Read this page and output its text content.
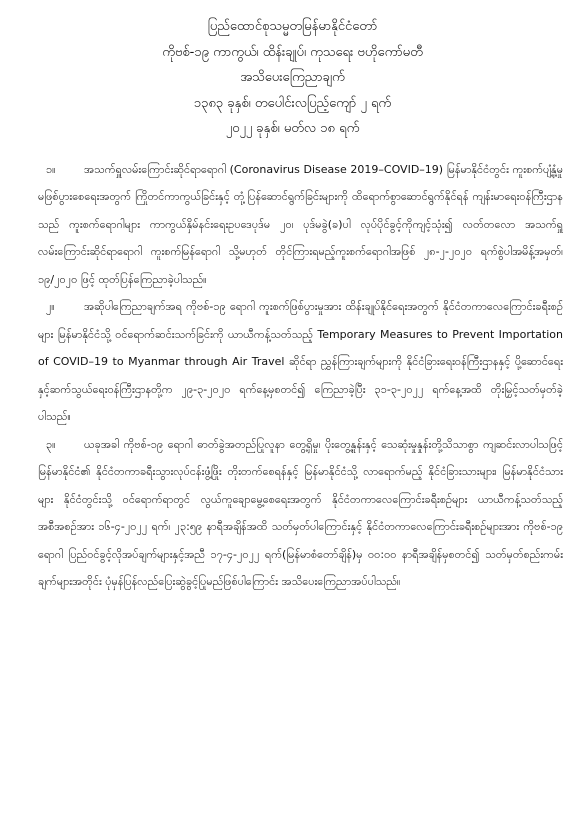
ပြည်ထောင်စုသမ္မတမြန်မာနိုင်ငံတော်
ကိုဗစ်-၁၉ ကာကွယ်၊ ထိန်းချုပ်၊ ကုသရေး ဗဟိုကော်မတီ
အသိပေးကြေညာချက်
၁၃၈၃ ခုနှစ်၊ တပေါင်းလပြည့်ကျော် ၂ ရက်
၂၀၂၂ ခုနှစ်၊ မတ်လ ၁၈ ရက်

၁။	အသက်ရှူလမ်းကြောင်းဆိုင်ရာရောဂါ (Coronavirus Disease 2019–COVID–19) မြန်မာနိုင်ငံတွင်း ကူးစက်ပျံ့နှံ့မှု မဖြစ်ပွားစေရေးအတွက် ကြိုတင်ကာကွယ်ခြင်းနှင့် တုံ့ပြန်ဆောင်ရွက်ခြင်းများကို ထိရောက်စွာဆောင်ရွက်နိုင်ရန် ကျန်းမာရေးဝန်ကြီးဌာနသည် ကူးစက်ရောဂါများ ကာကွယ်နှိမ်နင်းရေးဥပဒေပုဒ်မ ၂၀၊ ပုဒ်မခွဲ(ခ)ပါ လုပ်ပိုင်ခွင့်ကိုကျင့်သုံး၍ လတ်တလော အသက်ရှူလမ်းကြောင်းဆိုင်ရာရောဂါ ကူးစက်မြန်ရောဂါ သို့မဟုတ် တိုင်ကြားရမည့်ကူးစက်ရောဂါအဖြစ် ၂၈-၂-၂၀၂၀ ရက်စွဲပါအမိန့်အမှတ်၊ ၁၉/၂၀၂၀ ဖြင့် ထုတ်ပြန်ကြေညာခဲ့ပါသည်။

၂။	အဆိုပါကြေညာချက်အရ ကိုဗစ်-၁၉ ရောဂါ ကူးစက်ဖြစ်ပွားမှုအား ထိန်းချုပ်နိုင်ရေးအတွက် နိုင်ငံတကာလေကြောင်းခရီးစဉ်များ မြန်မာနိုင်ငံသို့ ဝင်ရောက်ဆင်းသက်ခြင်းကို ယာယီကန့်သတ်သည့် Temporary Measures to Prevent Importation of COVID–19 to Myanmar through Air Travel ဆိုင်ရာ ညွှန်ကြားချက်များကို နိုင်ငံခြားရေးဝန်ကြီးဌာနနှင့် ပို့ဆောင်ရေးနှင့်ဆက်သွယ်ရေးဝန်ကြီးဌာနတို့က ၂၉-၃-၂၀၂၀ ရက်နေ့မှစတင်၍ ကြေညာခဲ့ပြီး ၃၁-၃-၂၀၂၂ ရက်နေ့အထိ တိုးမြှင့်သတ်မှတ်ခဲ့ပါသည်။

၃။	ယခုအခါ ကိုဗစ်-၁၉ ရောဂါ ဓာတ်ခွဲအတည်ပြုလူနာ တွေ့ရှိမှု၊ ပိုးတွေ့နှုန်းနှင့် သေဆုံးမှုနှုန်းတို့သိသာစွာ ကျဆင်းလာပါသဖြင့် မြန်မာနိုင်ငံ၏ နိုင်ငံတကာခရီးသွားလုပ်ငန်းဖွံ့ဖြိုး တိုးတက်စေရန်နှင့် မြန်မာနိုင်ငံသို့ လာရောက်မည့် နိုင်ငံခြားသားများ၊ မြန်မာနိုင်ငံသားများ နိုင်ငံတွင်းသို့ ဝင်ရောက်ရာတွင် လွယ်ကူချောမွေ့စေရေးအတွက် နိုင်ငံတကာလေကြောင်းခရီးစဉ်များ ယာယီကန့်သတ်သည့်အစီအစဉ်အား ၁၆-၄-၂၀၂၂ ရက်၊ ၂၃:၅၉ နာရီအချိန်အထိ သတ်မှတ်ပါကြောင်းနှင့် နိုင်ငံတကာလေကြောင်းခရီးစဉ်များအား ကိုဗစ်-၁၉ ရောဂါ ပြည်ဝင်ခွင့်လိုအပ်ချက်များနှင့်အညီ ၁၇-၄-၂၀၂၂ ရက်(မြန်မာစံတော်ချိန်)မှ ၀၀:၀၀ နာရီအချိန်မှစတင်၍ သတ်မှတ်စည်းကမ်းချက်များအတိုင်း ပုံမှန်ပြန်လည်ပြေးဆွဲခွင့်ပြုမည်ဖြစ်ပါကြောင်း အသိပေးကြေညာအပ်ပါသည်။
